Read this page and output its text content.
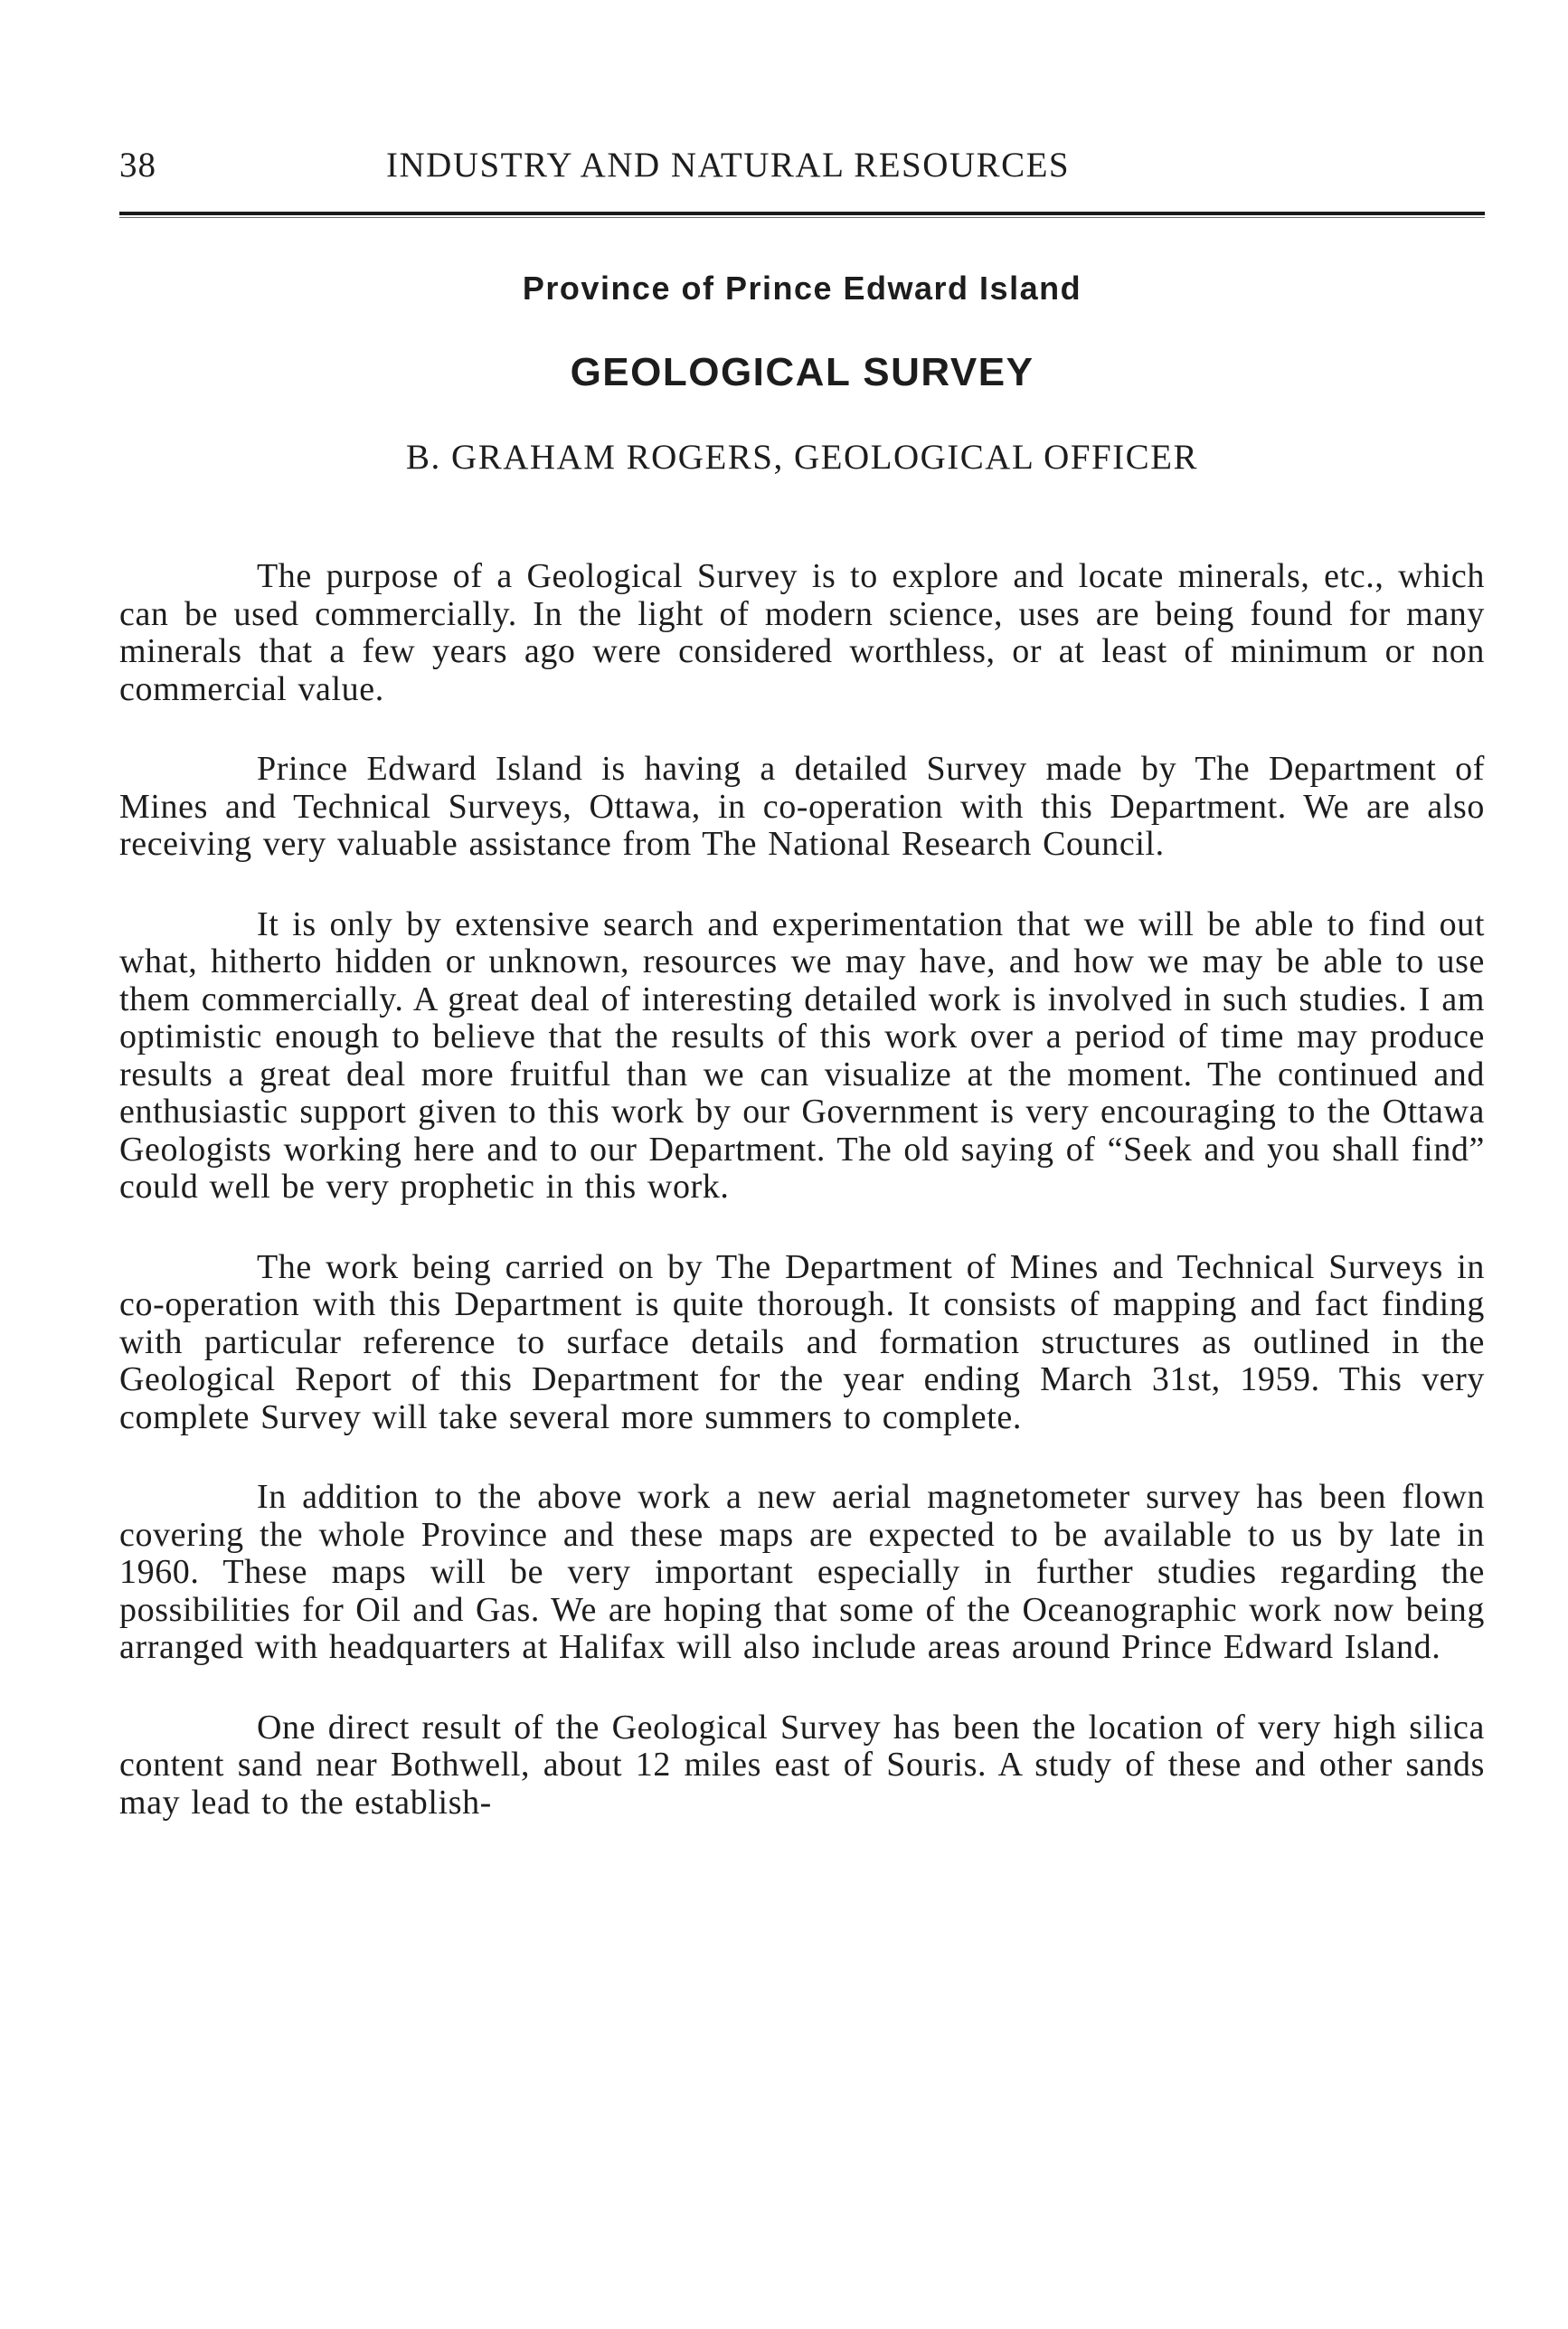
38	INDUSTRY AND NATURAL RESOURCES
Province of Prince Edward Island
GEOLOGICAL SURVEY
B. GRAHAM ROGERS, GEOLOGICAL OFFICER

The purpose of a Geological Survey is to explore and locate minerals, etc., which can be used commercially. In the light of modern science, uses are being found for many minerals that a few years ago were considered worthless, or at least of minimum or non commercial value.

Prince Edward Island is having a detailed Survey made by The Department of Mines and Technical Surveys, Ottawa, in co-operation with this Department. We are also receiving very valuable assistance from The National Research Council.

It is only by extensive search and experimentation that we will be able to find out what, hitherto hidden or unknown, resources we may have, and how we may be able to use them commercially. A great deal of interesting detailed work is involved in such studies. I am optimistic enough to believe that the results of this work over a period of time may produce results a great deal more fruitful than we can visualize at the moment. The continued and enthusiastic support given to this work by our Government is very encouraging to the Ottawa Geologists working here and to our Department. The old saying of “Seek and you shall find” could well be very prophetic in this work.

The work being carried on by The Department of Mines and Technical Surveys in co-operation with this Department is quite thorough. It consists of mapping and fact finding with particular reference to surface details and formation structures as outlined in the Geological Report of this Department for the year ending March 31st, 1959. This very complete Survey will take several more summers to complete.

In addition to the above work a new aerial magnetometer survey has been flown covering the whole Province and these maps are expected to be available to us by late in 1960. These maps will be very important especially in further studies regarding the possibilities for Oil and Gas. We are hoping that some of the Oceanographic work now being arranged with headquarters at Halifax will also include areas around Prince Edward Island.

One direct result of the Geological Survey has been the location of very high silica content sand near Bothwell, about 12 miles east of Souris. A study of these and other sands may lead to the establish-
